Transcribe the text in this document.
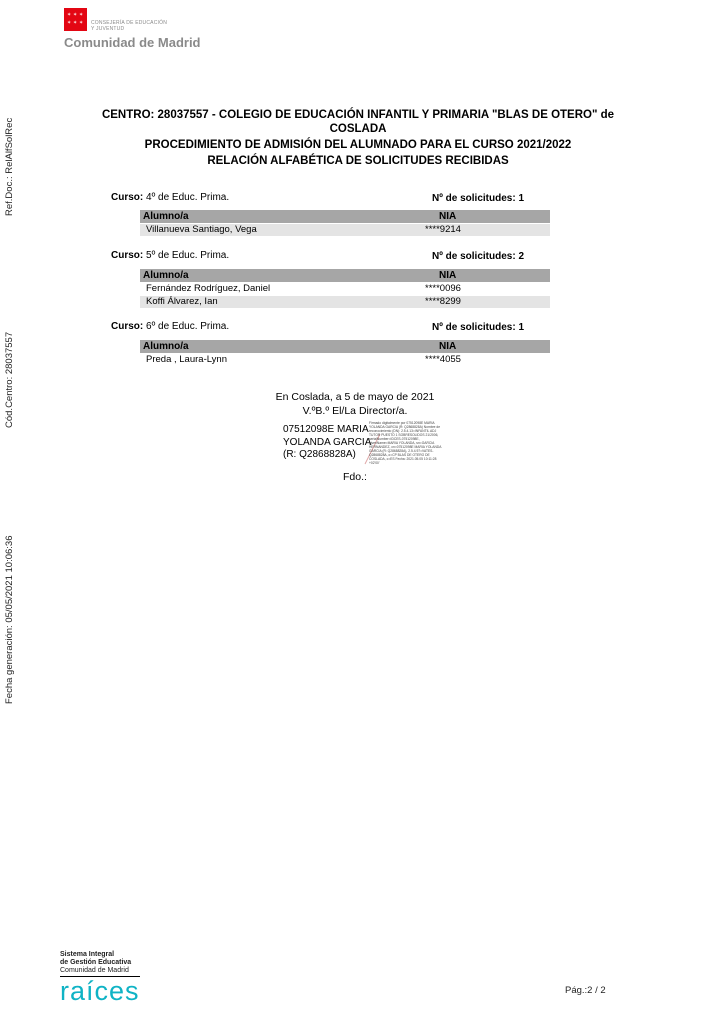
✶ ✶ ✶
✶ ✶ ✶ CONSEJERÍA DE EDUCACIÓN
Y JUVENTUD
Comunidad de Madrid
Ref.Doc.: RelAlfSolRec
Cód.Centro: 28037557
Fecha generación: 05/05/2021 10:06:36
CENTRO: 28037557 - COLEGIO DE EDUCACIÓN INFANTIL Y PRIMARIA "BLAS DE OTERO" de
COSLADA
PROCEDIMIENTO DE ADMISIÓN DEL ALUMNADO PARA EL CURSO 2021/2022
RELACIÓN ALFABÉTICA DE SOLICITUDES RECIBIDAS
Curso: 4º de Educ. Prima.	Nº de solicitudes: 1
Alumno/a	NIA
Villanueva Santiago, Vega	****9214
Curso: 5º de Educ. Prima.	Nº de solicitudes: 2
Alumno/a	NIA
Fernández Rodríguez, Daniel	****0096
Koffi Álvarez, Ian	****8299
Curso: 6º de Educ. Prima.	Nº de solicitudes: 1
Alumno/a	NIA
Preda , Laura-Lynn	****4055
En Coslada, a 5 de mayo de 2021
V.ºB.º El/La Director/a.
07512098E MARIA
YOLANDA GARCIA
(R: Q2868828A)
Firmado digitalmente por 07512098E MARIA YOLANDA GARCIA (R: Q2868828A) Nombre de reconocimiento (DN): 2.5.4.13=INFANTIL ADJ TUTOR PUESTO 1 SOBRESOLIDOS 21/2006, serialNumber=IDCES-07512098E, givenName=MARIA YOLANDA, sn=GARCIA HERNANDEZ, cn=07512098E MARIA YOLANDA GARCIA (R: Q2868828A), 2.5.4.97=VATES-Q2868828A, o=CP BLAS DE OTERO DE COSLADA, c=ES Fecha: 2021.05.05 10:11:28 +02'00'
Fdo.:
Sistema Integral
de Gestión Educativa
Comunidad de Madrid
raíces	Pág.:2 / 2
